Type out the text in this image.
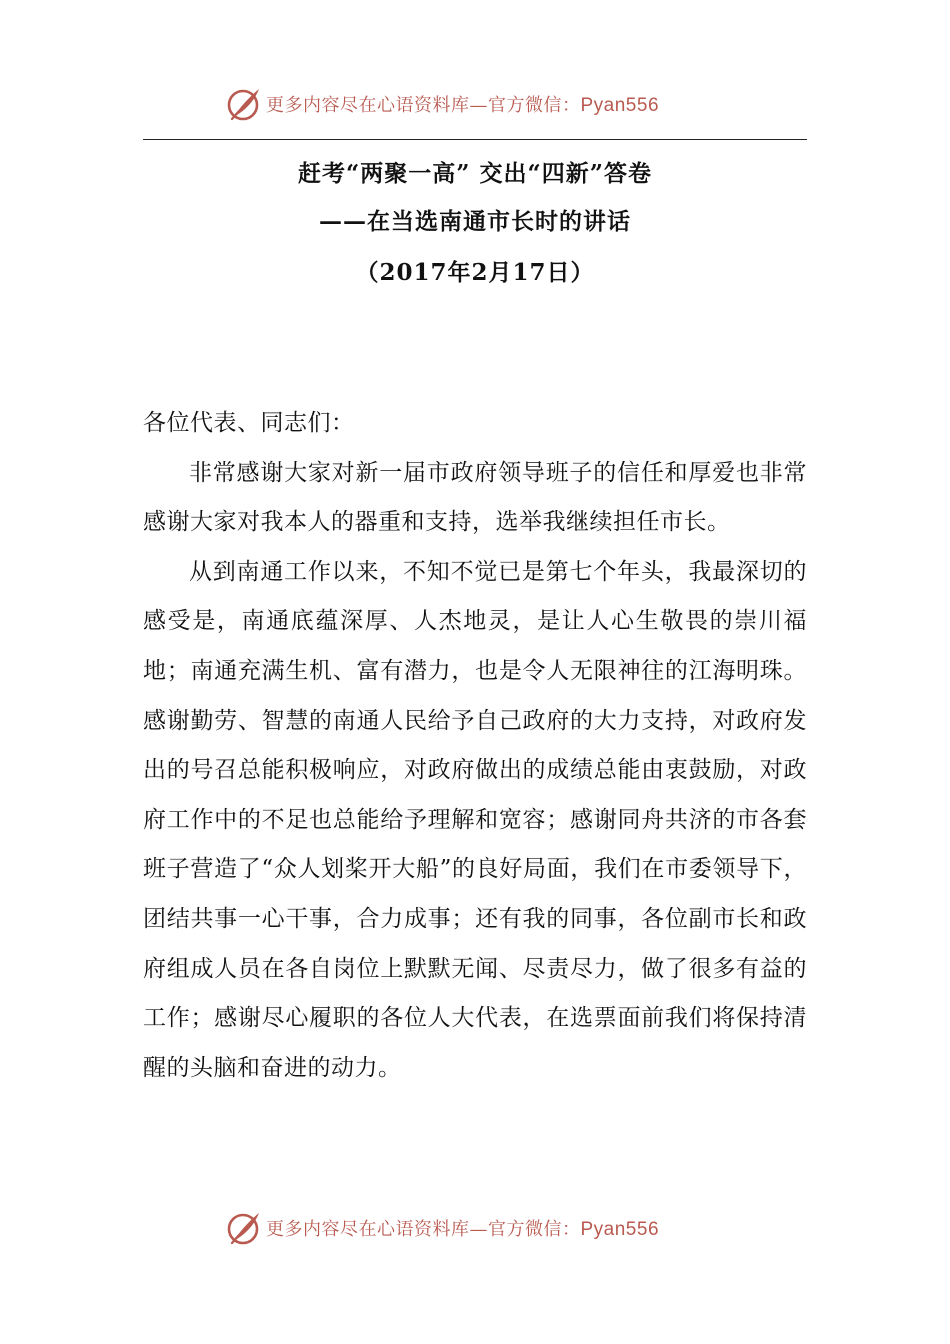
更多内容尽在心语资料库—官方微信：Pyan556
赶考“两聚一高” 交出“四新”答卷
——在当选南通市长时的讲话
（2017年2月17日）

各位代表、同志们：

非常感谢大家对新一届市政府领导班子的信任和厚爱也非常感谢大家对我本人的器重和支持，选举我继续担任市长。

从到南通工作以来，不知不觉已是第七个年头，我最深切的感受是，南通底蕴深厚、人杰地灵，是让人心生敬畏的崇川福地；南通充满生机、富有潜力，也是令人无限神往的江海明珠。感谢勤劳、智慧的南通人民给予自己政府的大力支持，对政府发出的号召总能积极响应，对政府做出的成绩总能由衷鼓励，对政府工作中的不足也总能给予理解和宽容；感谢同舟共济的市各套班子营造了“众人划桨开大船”的良好局面，我们在市委领导下，团结共事一心干事，合力成事；还有我的同事，各位副市长和政府组成人员在各自岗位上默默无闻、尽责尽力，做了很多有益的工作；感谢尽心履职的各位人大代表，在选票面前我们将保持清醒的头脑和奋进的动力。

更多内容尽在心语资料库—官方微信：Pyan556
